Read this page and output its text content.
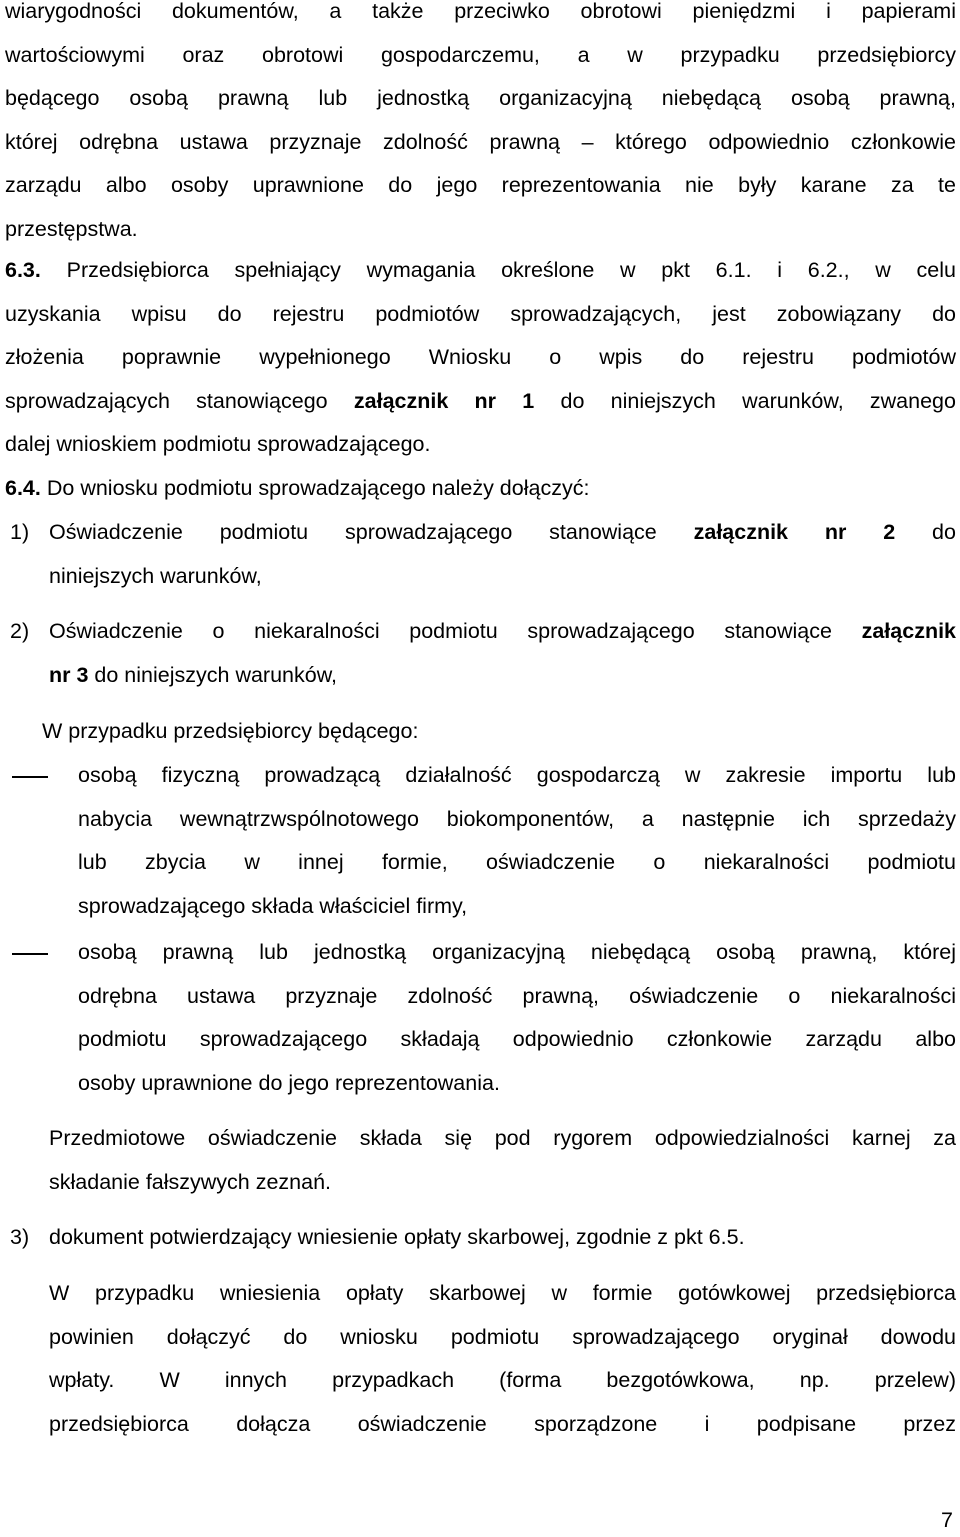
wiarygodności dokumentów, a także przeciwko obrotowi pieniędzmi i papierami
wartościowymi oraz obrotowi gospodarczemu, a w przypadku przedsiębiorcy
będącego osobą prawną lub jednostką organizacyjną niebędącą osobą prawną,
której odrębna ustawa przyznaje zdolność prawną – którego odpowiednio członkowie
zarządu albo osoby uprawnione do jego reprezentowania nie były karane za te
przestępstwa.
6.3. Przedsiębiorca spełniający wymagania określone w pkt 6.1. i 6.2., w celu
uzyskania wpisu do rejestru podmiotów sprowadzających, jest zobowiązany do
złożenia poprawnie wypełnionego Wniosku o wpis do rejestru podmiotów
sprowadzających stanowiącego załącznik nr 1 do niniejszych warunków, zwanego
dalej wnioskiem podmiotu sprowadzającego.
6.4. Do wniosku podmiotu sprowadzającego należy dołączyć:
1) Oświadczenie podmiotu sprowadzającego stanowiące załącznik nr 2 do
niniejszych warunków,
2) Oświadczenie o niekaralności podmiotu sprowadzającego stanowiące załącznik
nr 3 do niniejszych warunków,
W przypadku przedsiębiorcy będącego:
osobą fizyczną prowadzącą działalność gospodarczą w zakresie importu lub
nabycia wewnątrzwspólnotowego biokomponentów, a następnie ich sprzedaży
lub zbycia w innej formie, oświadczenie o niekaralności podmiotu
sprowadzającego składa właściciel firmy,
osobą prawną lub jednostką organizacyjną niebędącą osobą prawną, której
odrębna ustawa przyznaje zdolność prawną, oświadczenie o niekaralności
podmiotu sprowadzającego składają odpowiednio członkowie zarządu albo
osoby uprawnione do jego reprezentowania.
Przedmiotowe oświadczenie składa się pod rygorem odpowiedzialności karnej za
składanie fałszywych zeznań.
3) dokument potwierdzający wniesienie opłaty skarbowej, zgodnie z pkt 6.5.
W przypadku wniesienia opłaty skarbowej w formie gotówkowej przedsiębiorca
powinien dołączyć do wniosku podmiotu sprowadzającego oryginał dowodu
wpłaty. W innych przypadkach (forma bezgotówkowa, np. przelew)
przedsiębiorca dołącza oświadczenie sporządzone i podpisane przez
7
